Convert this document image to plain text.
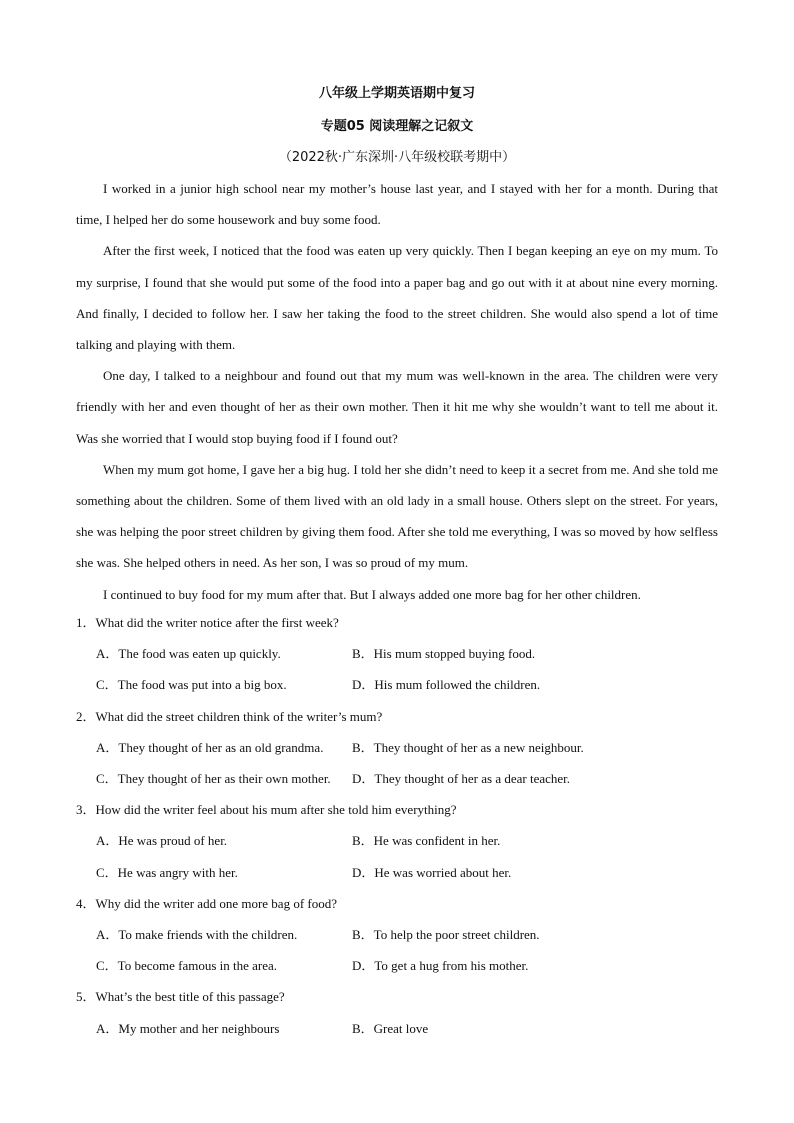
八年级上学期英语期中复习
专题05 阅读理解之记叙文
（2022秋·广东深圳·八年级校联考期中）

I worked in a junior high school near my mother’s house last year, and I stayed with her for a month. During that time, I helped her do some housework and buy some food.

After the first week, I noticed that the food was eaten up very quickly. Then I began keeping an eye on my mum. To my surprise, I found that she would put some of the food into a paper bag and go out with it at about nine every morning. And finally, I decided to follow her. I saw her taking the food to the street children. She would also spend a lot of time talking and playing with them.

One day, I talked to a neighbour and found out that my mum was well-known in the area. The children were very friendly with her and even thought of her as their own mother. Then it hit me why she wouldn’t want to tell me about it. Was she worried that I would stop buying food if I found out?

When my mum got home, I gave her a big hug. I told her she didn’t need to keep it a secret from me. And she told me something about the children. Some of them lived with an old lady in a small house. Others slept on the street. For years, she was helping the poor street children by giving them food. After she told me everything, I was so moved by how selfless she was. She helped others in need. As her son, I was so proud of my mum.

I continued to buy food for my mum after that. But I always added one more bag for her other children.

1．What did the writer notice after the first week?
A．The food was eaten up quickly.	B．His mum stopped buying food.
C．The food was put into a big box.	D．His mum followed the children.
2．What did the street children think of the writer’s mum?
A．They thought of her as an old grandma.	B．They thought of her as a new neighbour.
C．They thought of her as their own mother.	D．They thought of her as a dear teacher.
3．How did the writer feel about his mum after she told him everything?
A．He was proud of her.	B．He was confident in her.
C．He was angry with her.	D．He was worried about her.
4．Why did the writer add one more bag of food?
A．To make friends with the children.	B．To help the poor street children.
C．To become famous in the area.	D．To get a hug from his mother.
5．What’s the best title of this passage?
A．My mother and her neighbours	B．Great love
